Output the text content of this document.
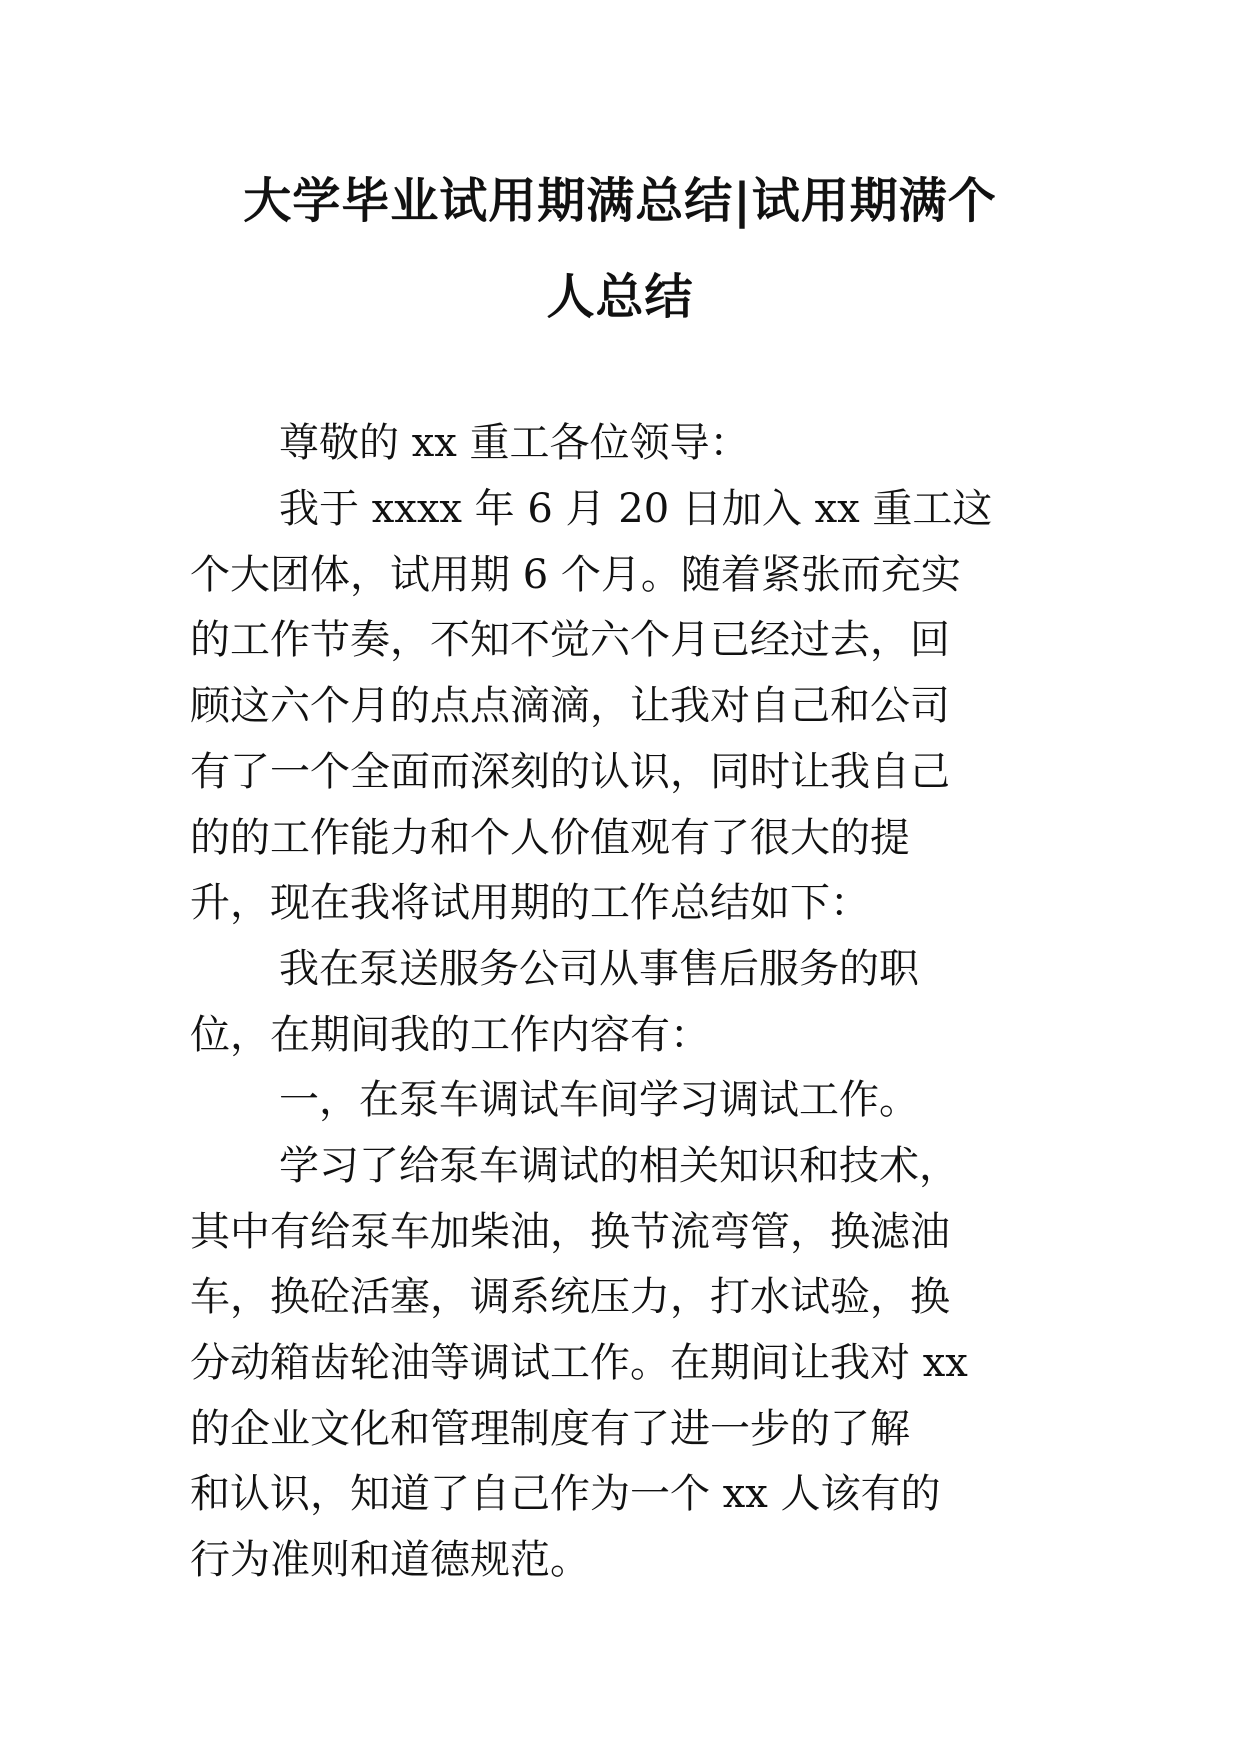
大学毕业试用期满总结|试用期满个
人总结
尊敬的 xx 重工各位领导：
我于 xxxx 年 6 月 20 日加入 xx 重工这
个大团体，试用期 6 个月。随着紧张而充实
的工作节奏，不知不觉六个月已经过去，回
顾这六个月的点点滴滴，让我对自己和公司
有了一个全面而深刻的认识，同时让我自己
的的工作能力和个人价值观有了很大的提
升，现在我将试用期的工作总结如下：
我在泵送服务公司从事售后服务的职
位，在期间我的工作内容有：
一，在泵车调试车间学习调试工作。
学习了给泵车调试的相关知识和技术，
其中有给泵车加柴油，换节流弯管，换滤油
车，换砼活塞，调系统压力，打水试验，换
分动箱齿轮油等调试工作。在期间让我对 xx
的企业文化和管理制度有了进一步的了解
和认识，知道了自己作为一个 xx 人该有的
行为准则和道德规范。
